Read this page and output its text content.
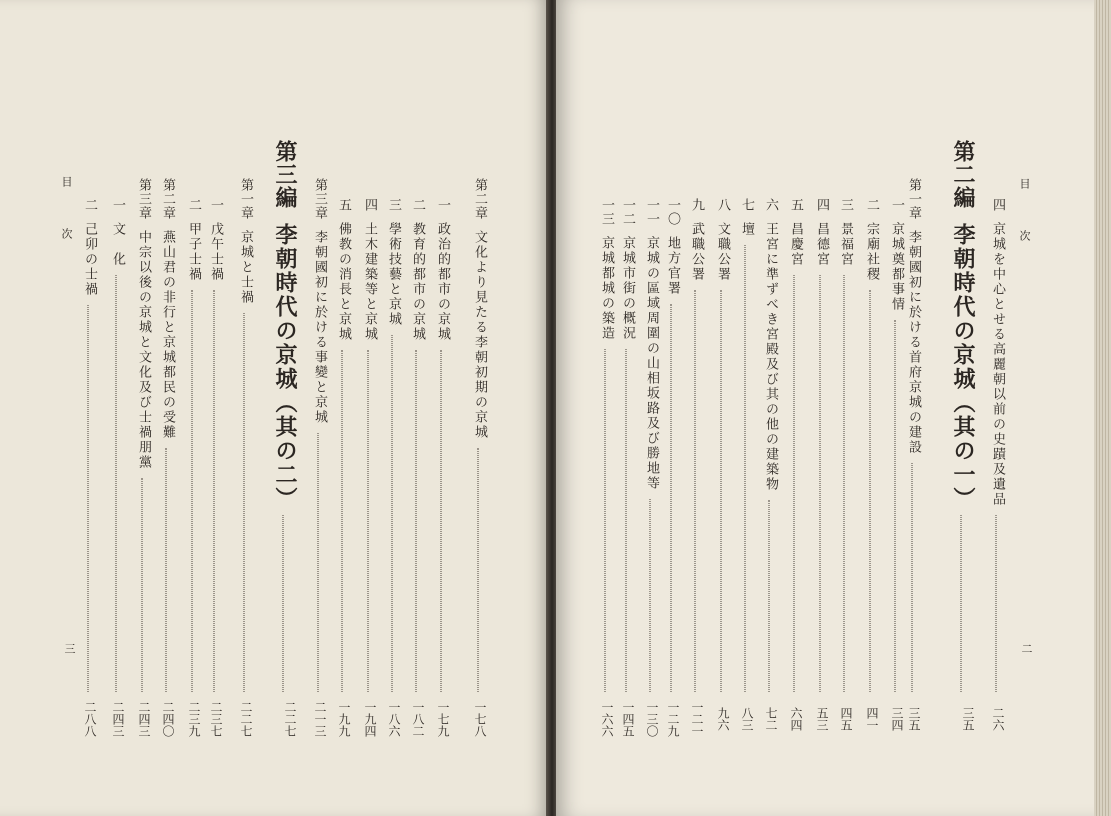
目 次
三
第二章文化より見たる李朝初期の京城
一七八
一政治的都市の京城
一七九
二教育的都市の京城
一八二
三學術技藝と京城
一八六
四土木建築等と京城
一九四
五佛教の消長と京城
一九九
第三章李朝國初に於ける事變と京城
二一三
第三編李朝時代の京城（其の二）
二二七
第一章京城と士禍
二二七
一戊午士禍
二三七
二甲子士禍
二三九
第二章燕山君の非行と京城都民の受難
二四〇
第三章中宗以後の京城と文化及び士禍朋黨
二四三
一文　化
二四三
二己卯の士禍
二八八
目 次
二
四京城を中心とせる高麗朝以前の史蹟及遺品
二六
第二編李朝時代の京城（其の一）
三五
第一章李朝國初に於ける首府京城の建設
三五
一京城奠都事情
三四
二宗廟社稷
四一
三景福宮
四五
四昌德宮
五三
五昌慶宮
六四
六王宮に準ずべき宮殿及び其の他の建築物
七二
七壇
八三
八文職公署
九六
九武職公署
一二一
一〇地方官署
一二九
一一京城の區域周圍の山相坂路及び勝地等
一三〇
一二京城市街の概況
一四五
一三京城都城の築造
一六六
